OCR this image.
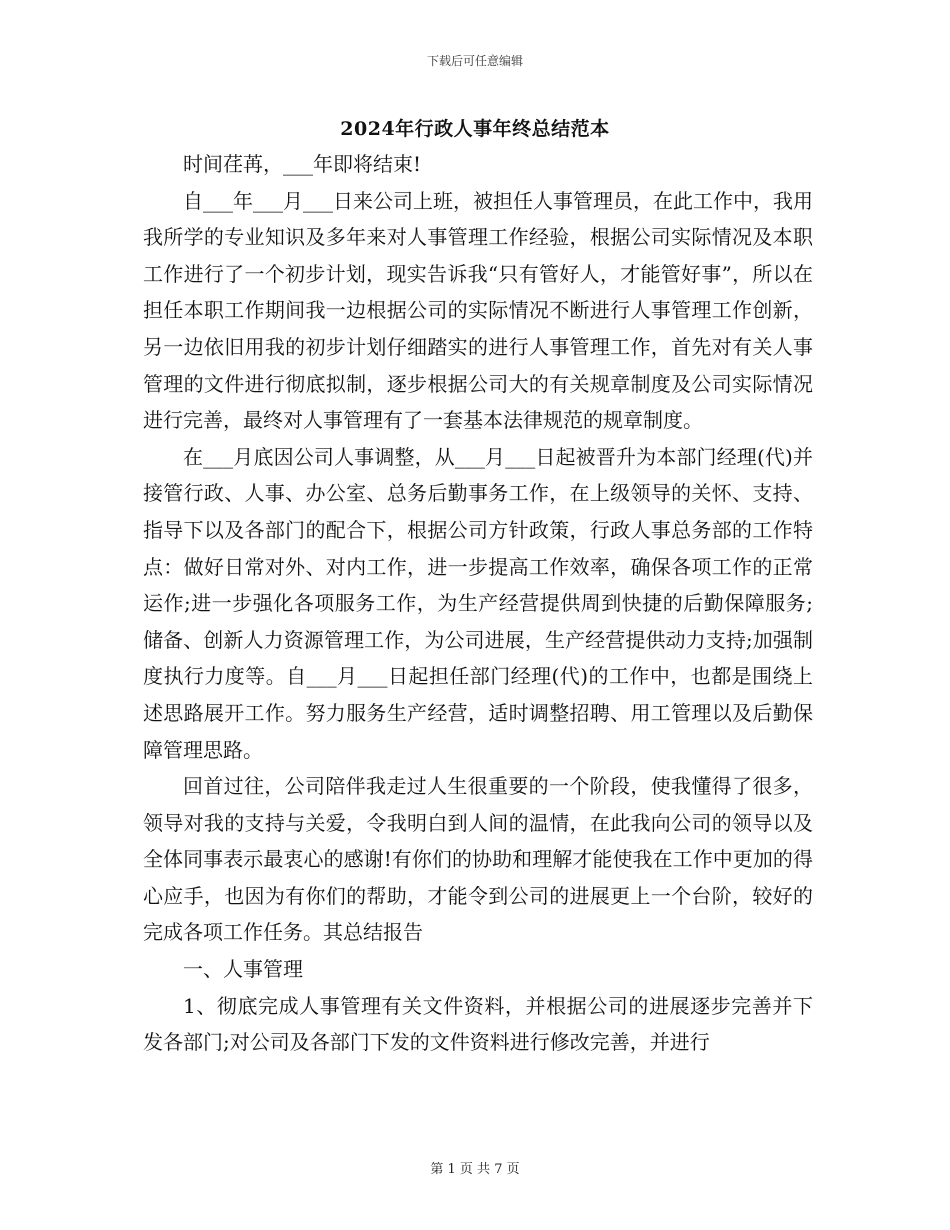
下载后可任意编辑
2024年行政人事年终总结范本

时间荏苒，___年即将结束!

自___年___月___日来公司上班，被担任人事管理员，在此工作中，我用我所学的专业知识及多年来对人事管理工作经验，根据公司实际情况及本职工作进行了一个初步计划，现实告诉我“只有管好人，才能管好事”，所以在担任本职工作期间我一边根据公司的实际情况不断进行人事管理工作创新，另一边依旧用我的初步计划仔细踏实的进行人事管理工作，首先对有关人事管理的文件进行彻底拟制，逐步根据公司大的有关规章制度及公司实际情况进行完善，最终对人事管理有了一套基本法律规范的规章制度。

在___月底因公司人事调整，从___月___日起被晋升为本部门经理(代)并接管行政、人事、办公室、总务后勤事务工作，在上级领导的关怀、支持、指导下以及各部门的配合下，根据公司方针政策，行政人事总务部的工作特点：做好日常对外、对内工作，进一步提高工作效率，确保各项工作的正常运作;进一步强化各项服务工作，为生产经营提供周到快捷的后勤保障服务;储备、创新人力资源管理工作，为公司进展，生产经营提供动力支持;加强制度执行力度等。自___月___日起担任部门经理(代)的工作中，也都是围绕上述思路展开工作。努力服务生产经营，适时调整招聘、用工管理以及后勤保障管理思路。

回首过往，公司陪伴我走过人生很重要的一个阶段，使我懂得了很多，领导对我的支持与关爱，令我明白到人间的温情，在此我向公司的领导以及全体同事表示最衷心的感谢!有你们的协助和理解才能使我在工作中更加的得心应手，也因为有你们的帮助，才能令到公司的进展更上一个台阶，较好的完成各项工作任务。其总结报告

一、人事管理

1、彻底完成人事管理有关文件资料，并根据公司的进展逐步完善并下发各部门;对公司及各部门下发的文件资料进行修改完善，并进行

第 1 页 共 7 页
